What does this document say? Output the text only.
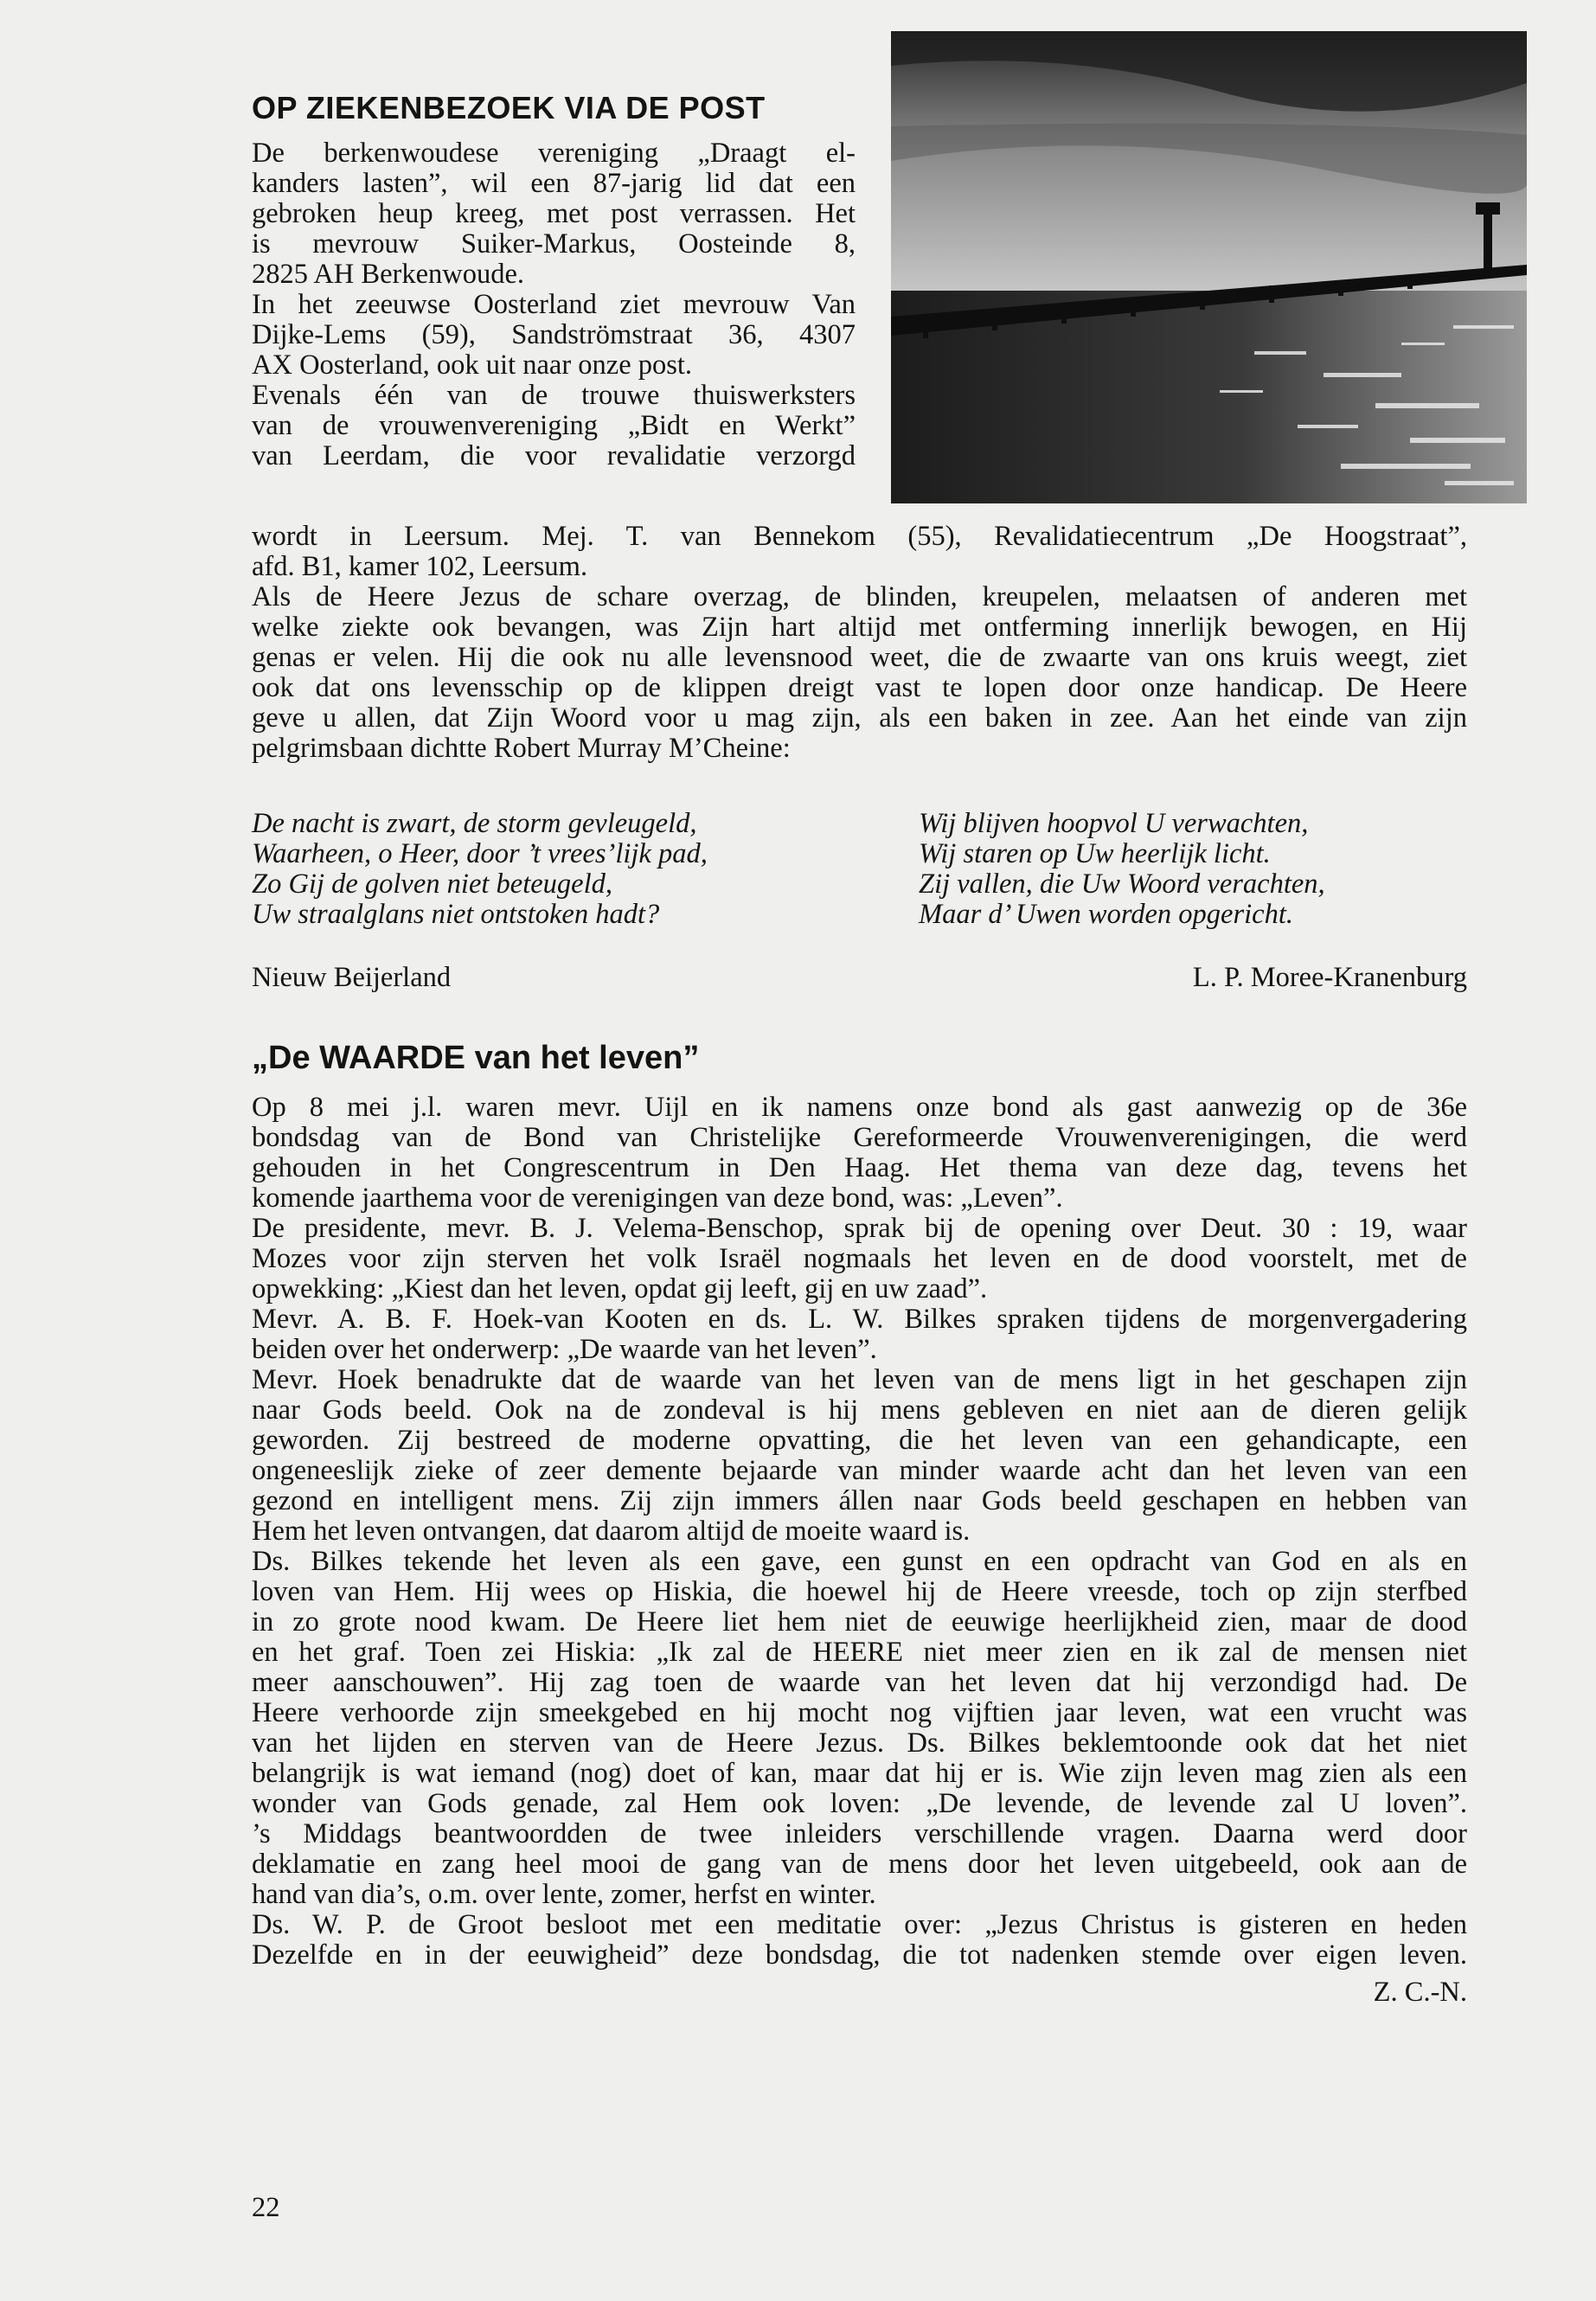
OP ZIEKENBEZOEK VIA DE POST
De berkenwoudese vereniging „Draagt el-
kanders lasten”, wil een 87-jarig lid dat een
gebroken heup kreeg, met post verrassen. Het
is mevrouw Suiker-Markus, Oosteinde 8,
2825 AH Berkenwoude.
In het zeeuwse Oosterland ziet mevrouw Van
Dijke-Lems (59), Sandströmstraat 36, 4307
AX Oosterland, ook uit naar onze post.
Evenals één van de trouwe thuiswerksters
van de vrouwenvereniging „Bidt en Werkt”
van Leerdam, die voor revalidatie verzorgd
wordt in Leersum. Mej. T. van Bennekom (55), Revalidatiecentrum „De Hoogstraat”,
afd. B1, kamer 102, Leersum.
Als de Heere Jezus de schare overzag, de blinden, kreupelen, melaatsen of anderen met
welke ziekte ook bevangen, was Zijn hart altijd met ontferming innerlijk bewogen, en Hij
genas er velen. Hij die ook nu alle levensnood weet, die de zwaarte van ons kruis weegt, ziet
ook dat ons levensschip op de klippen dreigt vast te lopen door onze handicap. De Heere
geve u allen, dat Zijn Woord voor u mag zijn, als een baken in zee. Aan het einde van zijn
pelgrimsbaan dichtte Robert Murray M’Cheine:
De nacht is zwart, de storm gevleugeld,
Waarheen, o Heer, door ’t vrees’lijk pad,
Zo Gij de golven niet beteugeld,
Uw straalglans niet ontstoken hadt?
Wij blijven hoopvol U verwachten,
Wij staren op Uw heerlijk licht.
Zij vallen, die Uw Woord verachten,
Maar d’ Uwen worden opgericht.
Nieuw Beijerland	L. P. Moree-Kranenburg
„De WAARDE van het leven”
Op 8 mei j.l. waren mevr. Uijl en ik namens onze bond als gast aanwezig op de 36e
bondsdag van de Bond van Christelijke Gereformeerde Vrouwenverenigingen, die werd
gehouden in het Congrescentrum in Den Haag. Het thema van deze dag, tevens het
komende jaarthema voor de verenigingen van deze bond, was: „Leven”.
De presidente, mevr. B. J. Velema-Benschop, sprak bij de opening over Deut. 30 : 19, waar
Mozes voor zijn sterven het volk Israël nogmaals het leven en de dood voorstelt, met de
opwekking: „Kiest dan het leven, opdat gij leeft, gij en uw zaad”.
Mevr. A. B. F. Hoek-van Kooten en ds. L. W. Bilkes spraken tijdens de morgenvergadering
beiden over het onderwerp: „De waarde van het leven”.
Mevr. Hoek benadrukte dat de waarde van het leven van de mens ligt in het geschapen zijn
naar Gods beeld. Ook na de zondeval is hij mens gebleven en niet aan de dieren gelijk
geworden. Zij bestreed de moderne opvatting, die het leven van een gehandicapte, een
ongeneeslijk zieke of zeer demente bejaarde van minder waarde acht dan het leven van een
gezond en intelligent mens. Zij zijn immers állen naar Gods beeld geschapen en hebben van
Hem het leven ontvangen, dat daarom altijd de moeite waard is.
Ds. Bilkes tekende het leven als een gave, een gunst en een opdracht van God en als en
loven van Hem. Hij wees op Hiskia, die hoewel hij de Heere vreesde, toch op zijn sterfbed
in zo grote nood kwam. De Heere liet hem niet de eeuwige heerlijkheid zien, maar de dood
en het graf. Toen zei Hiskia: „Ik zal de HEERE niet meer zien en ik zal de mensen niet
meer aanschouwen”. Hij zag toen de waarde van het leven dat hij verzondigd had. De
Heere verhoorde zijn smeekgebed en hij mocht nog vijftien jaar leven, wat een vrucht was
van het lijden en sterven van de Heere Jezus. Ds. Bilkes beklemtoonde ook dat het niet
belangrijk is wat iemand (nog) doet of kan, maar dat hij er is. Wie zijn leven mag zien als een
wonder van Gods genade, zal Hem ook loven: „De levende, de levende zal U loven”.
’s Middags beantwoordden de twee inleiders verschillende vragen. Daarna werd door
deklamatie en zang heel mooi de gang van de mens door het leven uitgebeeld, ook aan de
hand van dia’s, o.m. over lente, zomer, herfst en winter.
Ds. W. P. de Groot besloot met een meditatie over: „Jezus Christus is gisteren en heden
Dezelfde en in der eeuwigheid” deze bondsdag, die tot nadenken stemde over eigen leven.
Z. C.-N.
22
